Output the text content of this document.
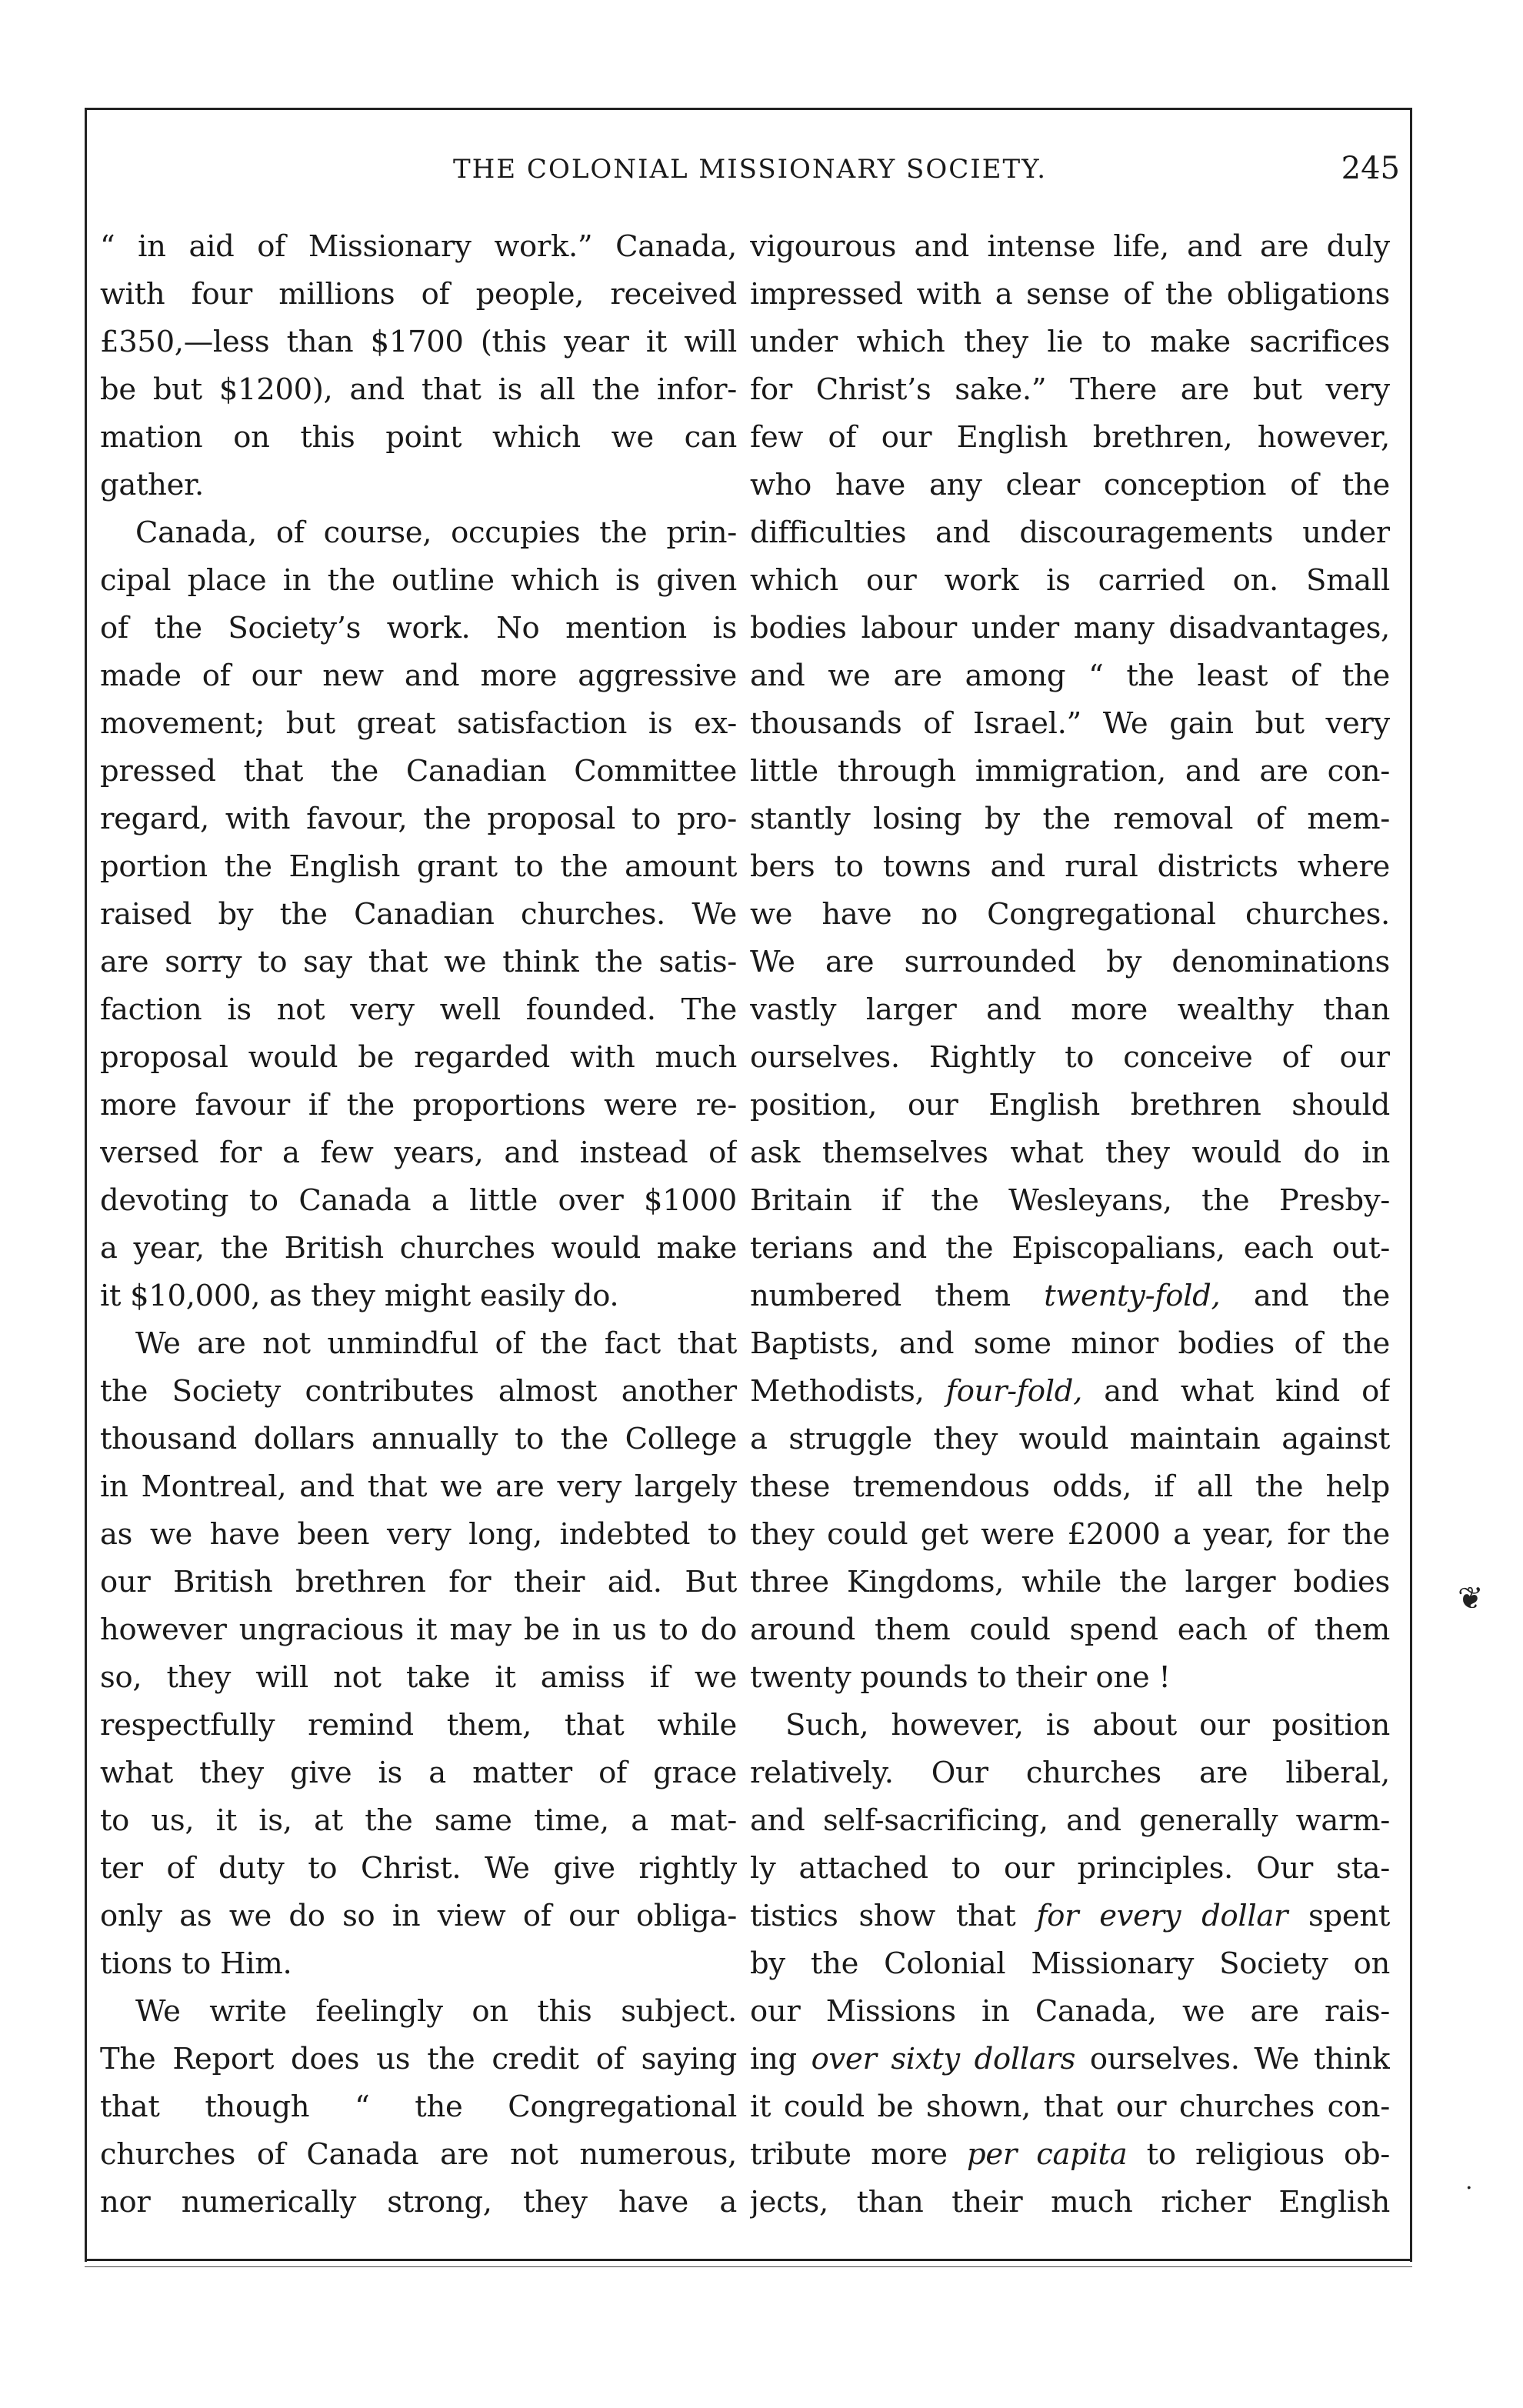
THE COLONIAL MISSIONARY SOCIETY.	245
“ in aid of Missionary work.” Canada,
with four millions of people, received
£350,—less than $1700 (this year it will
be but $1200), and that is all the infor-
mation on this point which we can
gather.
Canada, of course, occupies the prin-
cipal place in the outline which is given
of the Society’s work. No mention is
made of our new and more aggressive
movement; but great satisfaction is ex-
pressed that the Canadian Committee
regard, with favour, the proposal to pro-
portion the English grant to the amount
raised by the Canadian churches. We
are sorry to say that we think the satis-
faction is not very well founded. The
proposal would be regarded with much
more favour if the proportions were re-
versed for a few years, and instead of
devoting to Canada a little over $1000
a year, the British churches would make
it $10,000, as they might easily do.
We are not unmindful of the fact that
the Society contributes almost another
thousand dollars annually to the College
in Montreal, and that we are very largely
as we have been very long, indebted to
our British brethren for their aid. But
however ungracious it may be in us to do
so, they will not take it amiss if we
respectfully remind them, that while
what they give is a matter of grace
to us, it is, at the same time, a mat-
ter of duty to Christ. We give rightly
only as we do so in view of our obliga-
tions to Him.
We write feelingly on this subject.
The Report does us the credit of saying
that though “ the Congregational
churches of Canada are not numerous,
nor numerically strong, they have a
vigourous and intense life, and are duly
impressed with a sense of the obligations
under which they lie to make sacrifices
for Christ’s sake.” There are but very
few of our English brethren, however,
who have any clear conception of the
difficulties and discouragements under
which our work is carried on. Small
bodies labour under many disadvantages,
and we are among “ the least of the
thousands of Israel.” We gain but very
little through immigration, and are con-
stantly losing by the removal of mem-
bers to towns and rural districts where
we have no Congregational churches.
We are surrounded by denominations
vastly larger and more wealthy than
ourselves. Rightly to conceive of our
position, our English brethren should
ask themselves what they would do in
Britain if the Wesleyans, the Presby-
terians and the Episcopalians, each out-
numbered them twenty-fold, and the
Baptists, and some minor bodies of the
Methodists, four-fold, and what kind of
a struggle they would maintain against
these tremendous odds, if all the help
they could get were £2000 a year, for the
three Kingdoms, while the larger bodies
around them could spend each of them
twenty pounds to their one !
Such, however, is about our position
relatively. Our churches are liberal,
and self-sacrificing, and generally warm-
ly attached to our principles. Our sta-
tistics show that for every dollar spent
by the Colonial Missionary Society on
our Missions in Canada, we are rais-
ing over sixty dollars ourselves. We think
it could be shown, that our churches con-
tribute more per capita to religious ob-
jects, than their much richer English
❦
.
